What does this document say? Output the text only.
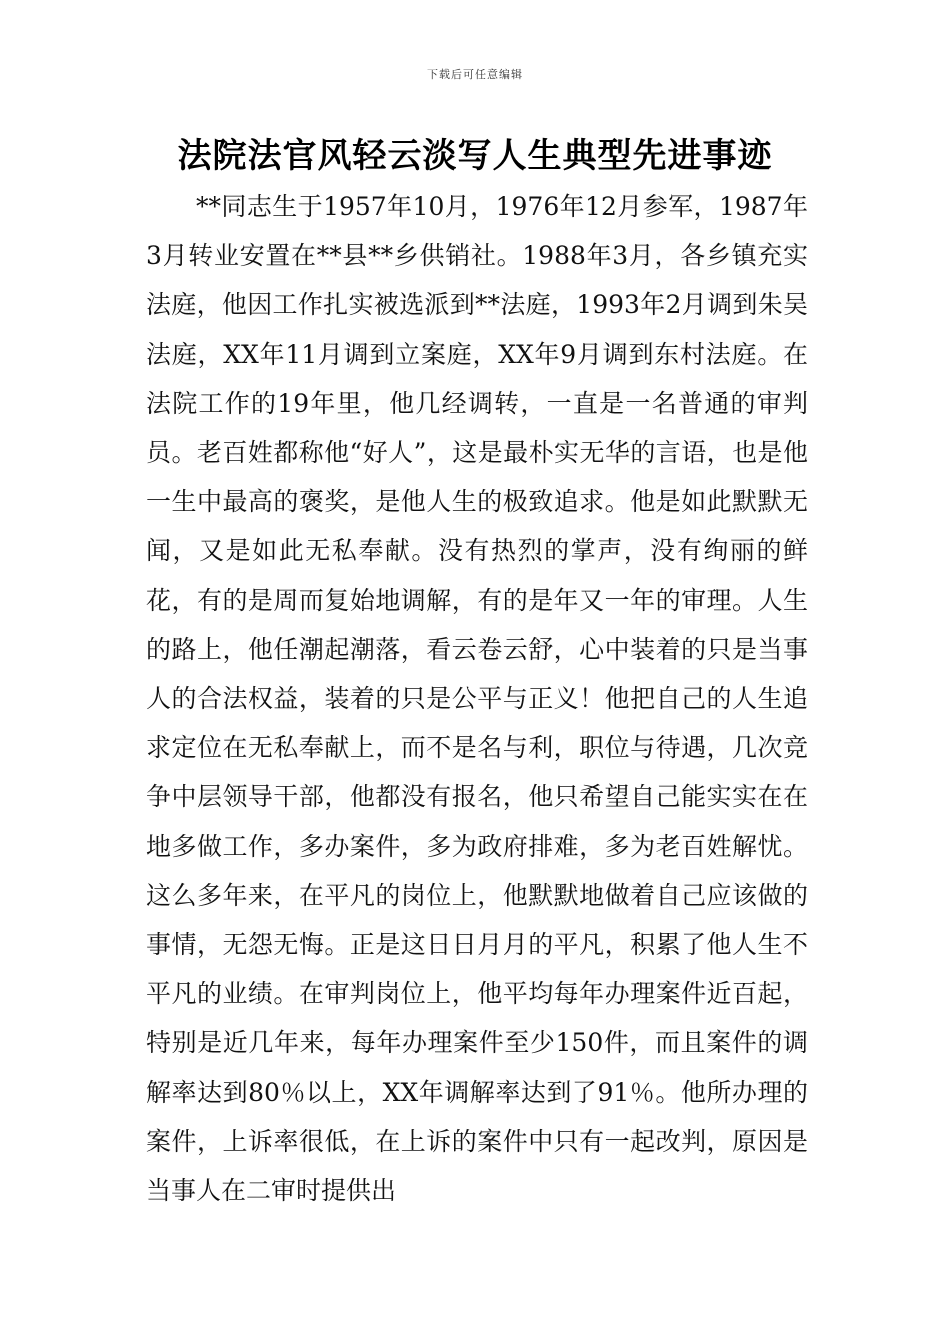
下载后可任意编辑
法院法官风轻云淡写人生典型先进事迹

**同志生于1957年10月，1976年12月参军，1987年3月转业安置在**县**乡供销社。1988年3月，各乡镇充实法庭，他因工作扎实被选派到**法庭，1993年2月调到朱吴法庭，XX年11月调到立案庭，XX年9月调到东村法庭。在法院工作的19年里，他几经调转，一直是一名普通的审判员。老百姓都称他“好人”，这是最朴实无华的言语，也是他一生中最高的褒奖，是他人生的极致追求。他是如此默默无闻，又是如此无私奉献。没有热烈的掌声，没有绚丽的鲜花，有的是周而复始地调解，有的是年又一年的审理。人生的路上，他任潮起潮落，看云卷云舒，心中装着的只是当事人的合法权益，装着的只是公平与正义！他把自己的人生追求定位在无私奉献上，而不是名与利，职位与待遇，几次竞争中层领导干部，他都没有报名，他只希望自己能实实在在地多做工作，多办案件，多为政府排难，多为老百姓解忧。这么多年来，在平凡的岗位上，他默默地做着自己应该做的事情，无怨无悔。正是这日日月月的平凡，积累了他人生不平凡的业绩。在审判岗位上，他平均每年办理案件近百起，特别是近几年来，每年办理案件至少150件，而且案件的调解率达到80％以上，XX年调解率达到了91％。他所办理的案件，上诉率很低，在上诉的案件中只有一起改判，原因是当事人在二审时提供出
